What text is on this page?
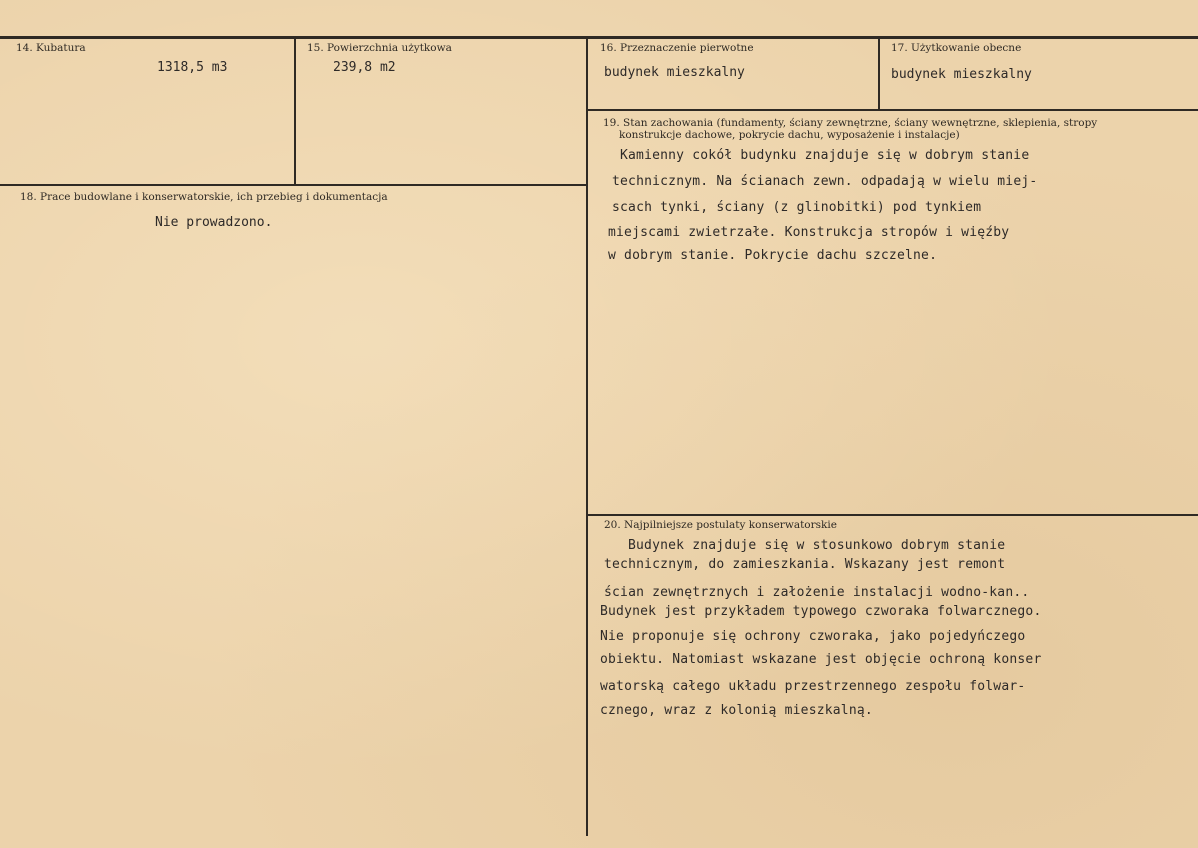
14. Kubatura
1318,5 m3
15. Powierzchnia użytkowa
239,8 m2
16. Przeznaczenie pierwotne
budynek mieszkalny
17. Użytkowanie obecne
budynek mieszkalny
18. Prace budowlane i konserwatorskie, ich przebieg i dokumentacja
Nie prowadzono.
19. Stan zachowania (fundamenty, ściany zewnętrzne, ściany wewnętrzne, sklepienia, stropy
konstrukcje dachowe, pokrycie dachu, wyposażenie i instalacje)
Kamienny cokół budynku znajduje się w dobrym stanie
technicznym. Na ścianach zewn. odpadają w wielu miej-
scach tynki, ściany (z glinobitki) pod tynkiem
miejscami zwietrzałe. Konstrukcja stropów i więźby
w dobrym stanie. Pokrycie dachu szczelne.
20. Najpilniejsze postulaty konserwatorskie
Budynek znajduje się w stosunkowo dobrym stanie
technicznym, do zamieszkania. Wskazany jest remont
ścian zewnętrznych i założenie instalacji wodno-kan..
Budynek jest przykładem typowego czworaka folwarcznego.
Nie proponuje się ochrony czworaka, jako pojedyńczego
obiektu. Natomiast wskazane jest objęcie ochroną konser
watorską całego układu przestrzennego zespołu folwar-
cznego, wraz z kolonią mieszkalną.
